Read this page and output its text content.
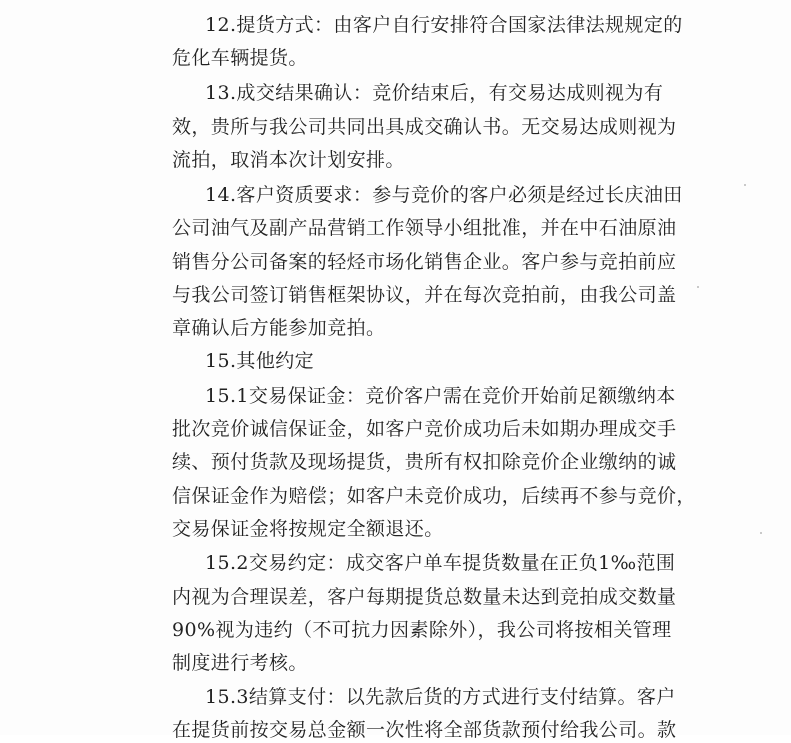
12.提货方式：由客户自行安排符合国家法律法规规定的
危化车辆提货。
13.成交结果确认：竞价结束后，有交易达成则视为有
效，贵所与我公司共同出具成交确认书。无交易达成则视为
流拍，取消本次计划安排。
14.客户资质要求：参与竞价的客户必须是经过长庆油田
公司油气及副产品营销工作领导小组批准，并在中石油原油
销售分公司备案的轻烃市场化销售企业。客户参与竞拍前应
与我公司签订销售框架协议，并在每次竞拍前，由我公司盖
章确认后方能参加竞拍。
15.其他约定
15.1交易保证金：竞价客户需在竞价开始前足额缴纳本
批次竞价诚信保证金，如客户竞价成功后未如期办理成交手
续、预付货款及现场提货，贵所有权扣除竞价企业缴纳的诚
信保证金作为赔偿；如客户未竞价成功，后续再不参与竞价，
交易保证金将按规定全额退还。
15.2交易约定：成交客户单车提货数量在正负1‰范围
内视为合理误差，客户每期提货总数量未达到竞拍成交数量
90%视为违约（不可抗力因素除外），我公司将按相关管理
制度进行考核。
15.3结算支付：以先款后货的方式进行支付结算。客户
在提货前按交易总金额一次性将全部货款预付给我公司。款
